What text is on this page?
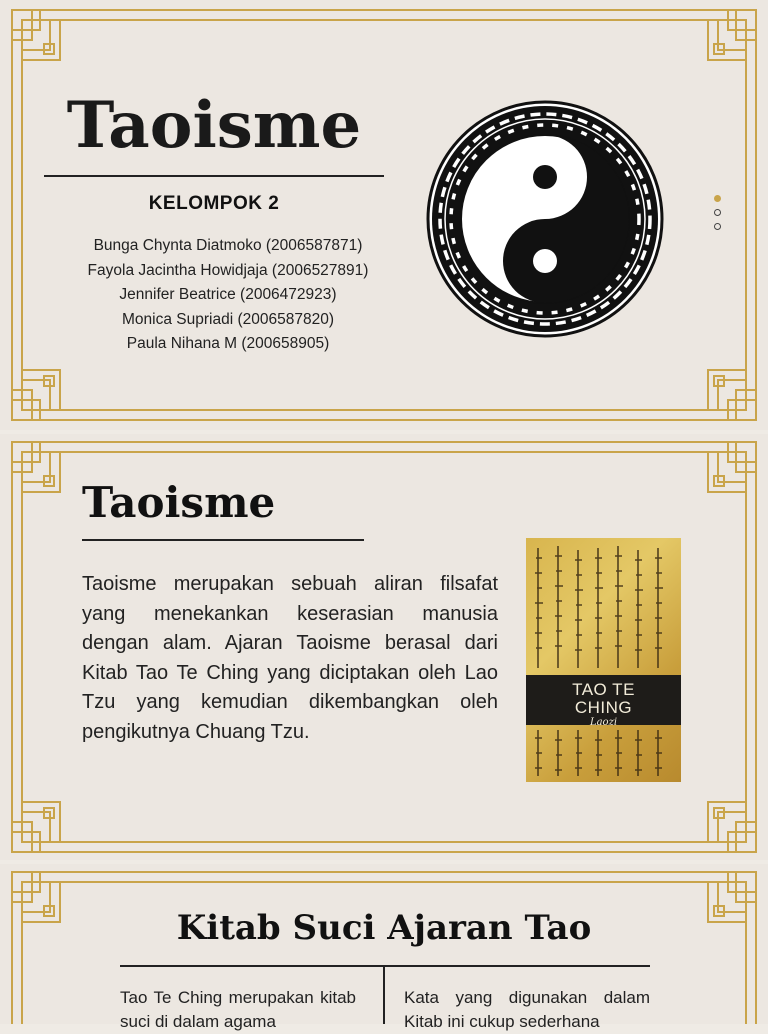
Taoisme
KELOMPOK 2
Bunga Chynta Diatmoko (2006587871)
Fayola Jacintha Howidjaja (2006527891)
Jennifer Beatrice (2006472923)
Monica Supriadi (2006587820)
Paula Nihana M (200658905)
Taoisme
Taoisme merupakan sebuah aliran filsafat yang menekankan keserasian manusia dengan alam. Ajaran Taoisme berasal dari Kitab Tao Te Ching yang diciptakan oleh Lao Tzu yang kemudian dikembangkan oleh pengikutnya Chuang Tzu.
TAO TE
CHING
Laozi
Kitab Suci Ajaran Tao
Tao Te Ching merupakan kitab suci di dalam agama
Kata yang digunakan dalam Kitab ini cukup sederhana
